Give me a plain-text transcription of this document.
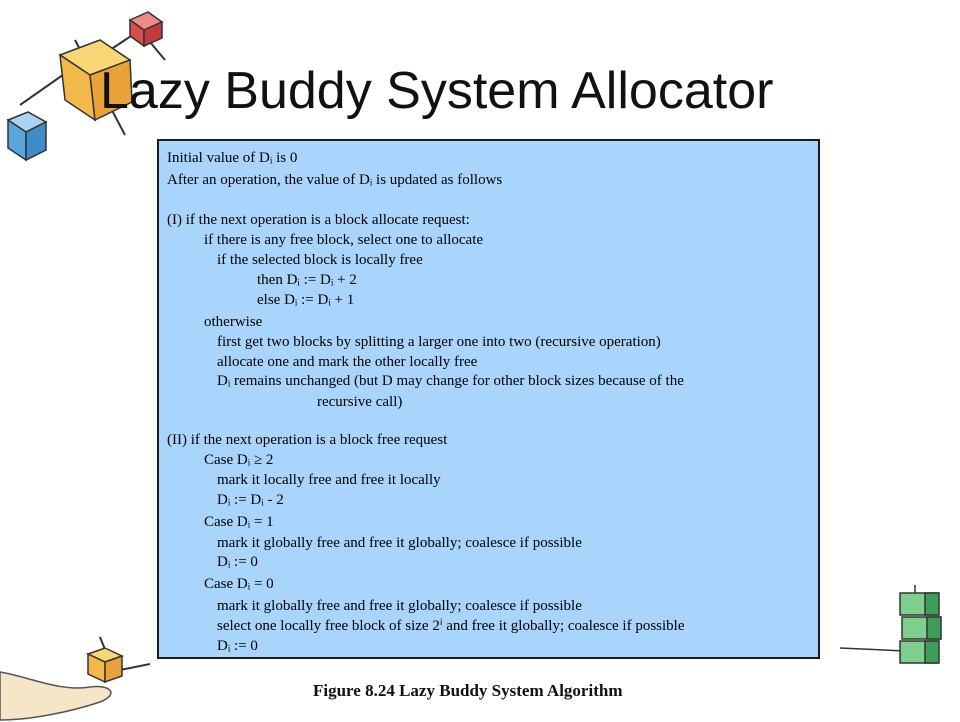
Lazy Buddy System Allocator

Initial value of Dᵢ is 0

After an operation, the value of Dᵢ is updated as follows

(I) if the next operation is a block allocate request:

if there is any free block, select one to allocate

if the selected block is locally free

then Dᵢ := Dᵢ + 2

else Dᵢ := Dᵢ + 1

otherwise

first get two blocks by splitting a larger one into two (recursive operation)

allocate one and mark the other locally free

Dᵢ remains unchanged (but D may change for other block sizes because of the

recursive call)

(II) if the next operation is a block free request

Case Dᵢ ≥ 2

mark it locally free and free it locally

Dᵢ := Dᵢ - 2

Case Dᵢ = 1

mark it globally free and free it globally; coalesce if possible

Dᵢ := 0

Case Dᵢ = 0

mark it globally free and free it globally; coalesce if possible

select one locally free block of size 2ⁱ and free it globally; coalesce if possible

Dᵢ := 0

Figure 8.24 Lazy Buddy System Algorithm
